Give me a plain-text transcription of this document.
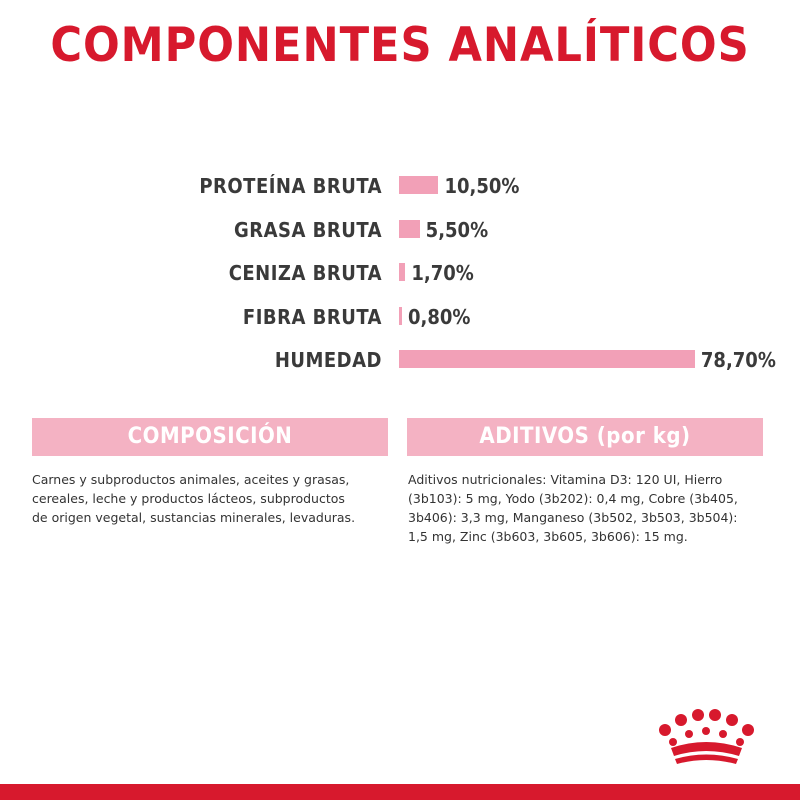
COMPONENTES ANALÍTICOS
PROTEÍNA BRUTA	10,50%
GRASA BRUTA 5,50%
CENIZA BRUTA 1,70%
FIBRA BRUTA 0,80%
HUMEDAD	78,70%
COMPOSICIÓN
Carnes y subproductos animales, aceites y grasas, cereales, leche y productos lácteos, subproductos de origen vegetal, sustancias minerales, levaduras.
ADITIVOS (por kg)
Aditivos nutricionales: Vitamina D3: 120 UI, Hierro (3b103): 5 mg, Yodo (3b202): 0,4 mg, Cobre (3b405, 3b406): 3,3 mg, Manganeso (3b502, 3b503, 3b504): 1,5 mg, Zinc (3b603, 3b605, 3b606): 15 mg.
